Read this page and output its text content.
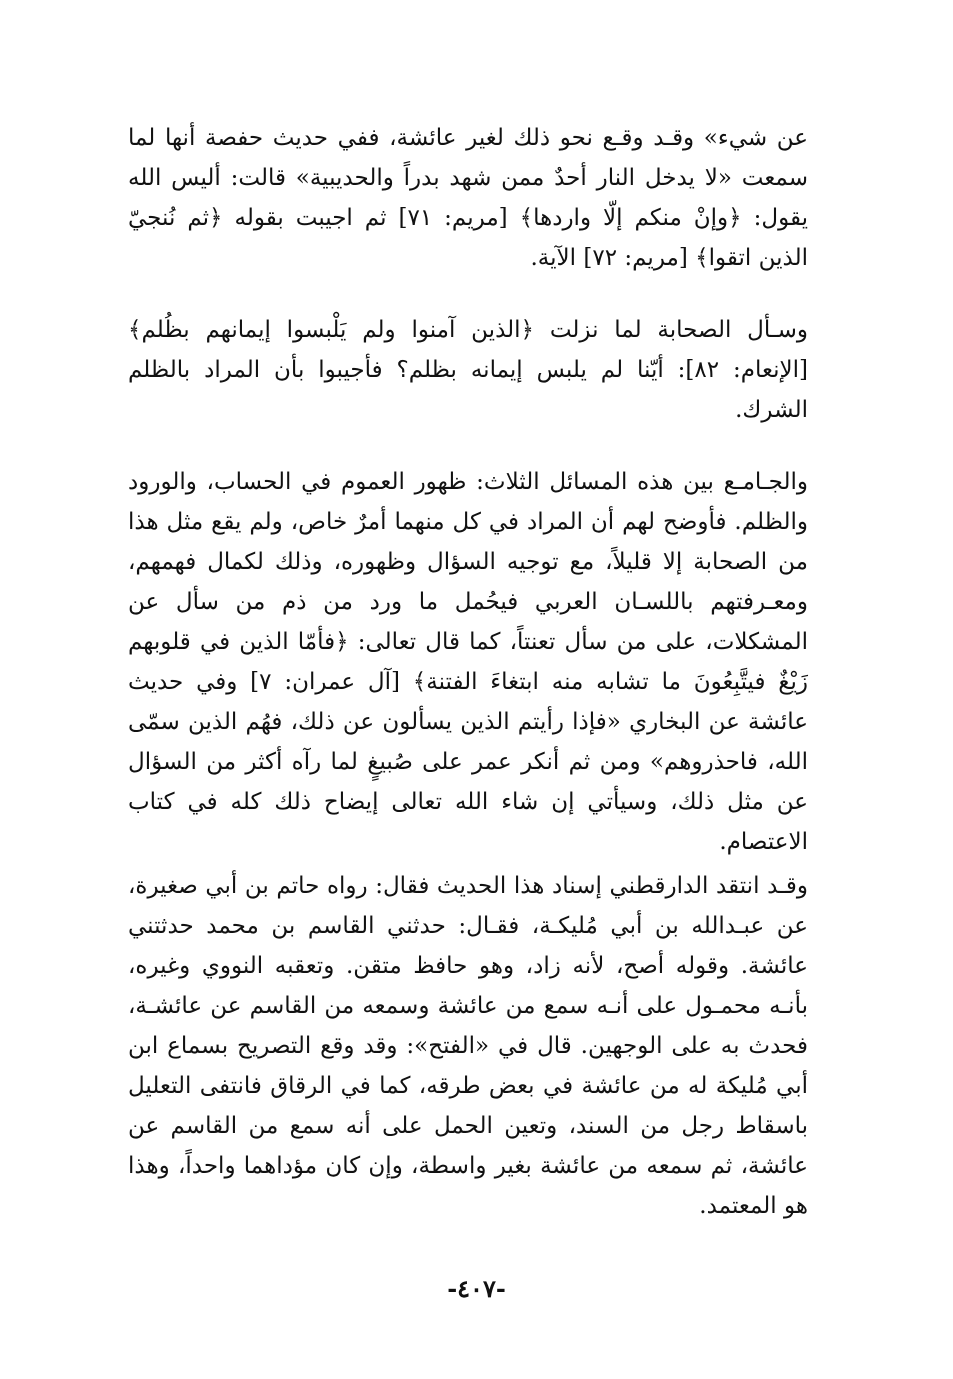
عن شيء» وقـد وقـع نحو ذلك لغير عائشة، ففي حديث حفصة أنها لما سمعت «لا يدخل النار أحدٌ ممن شهد بدراً والحديبية» قالت: أليس الله يقول: ﴿وإنْ منكم إلّا واردها﴾ [مريم: ٧١] ثم اجيبت بقوله ﴿ثم نُنجيّ الذين اتقوا﴾ [مريم: ٧٢] الآية.

وسـأل الصحابة لما نزلت ﴿الذين آمنوا ولم يَلْبسوا إيمانهم بظُلم﴾ [الإنعام: ٨٢]: أيّنا لم يلبس إيمانه بظلم؟ فأجيبوا بأن المراد بالظلم الشرك.

والجـامـع بين هذه المسائل الثلاث: ظهور العموم في الحساب، والورود والظلم. فأوضح لهم أن المراد في كل منهما أمرٌ خاص، ولم يقع مثل هذا من الصحابة إلا قليلاً، مع توجيه السؤال وظهوره، وذلك لكمال فهمهم، ومعـرفتهم باللسـان العربي فيحُمل ما ورد من ذم من سأل عن المشكلات، على من سأل تعنتاً، كما قال تعالى: ﴿فأمّا الذين في قلوبهم زَيْغٌ فيتَّبِعُونَ ما تشابه منه ابتغاءَ الفتنة﴾ [آل عمران: ٧] وفي حديث عائشة عن البخاري «فإذا رأيتم الذين يسألون عن ذلك، فهُم الذين سمّى الله، فاحذروهم» ومن ثم أنكر عمر على صُبيغٍ لما رآه أكثر من السؤال عن مثل ذلك، وسيأتي إن شاء الله تعالى إيضاح ذلك كله في كتاب الاعتصام.

وقـد انتقد الدارقطني إسناد هذا الحديث فقال: رواه حاتم بن أبي صغيرة، عن عبـدالله بن أبي مُليكـة، فقـال: حدثني القاسم بن محمد حدثتني عائشة. وقوله أصح، لأنه زاد، وهو حافظ متقن. وتعقبه النووي وغيره، بأنـه محمـول على أنـه سمع من عائشة وسمعه من القاسم عن عائشـة، فحدث به على الوجهين. قال في «الفتح»: وقد وقع التصريح بسماع ابن أبي مُليكة له من عائشة في بعض طرقه، كما في الرقاق فانتفى التعليل باسقاط رجل من السند، وتعين الحمل على أنه سمع من القاسم عن عائشة، ثم سمعه من عائشة بغير واسطة، وإن كان مؤداهما واحداً، وهذا هو المعتمد.

-٤٠٧-
